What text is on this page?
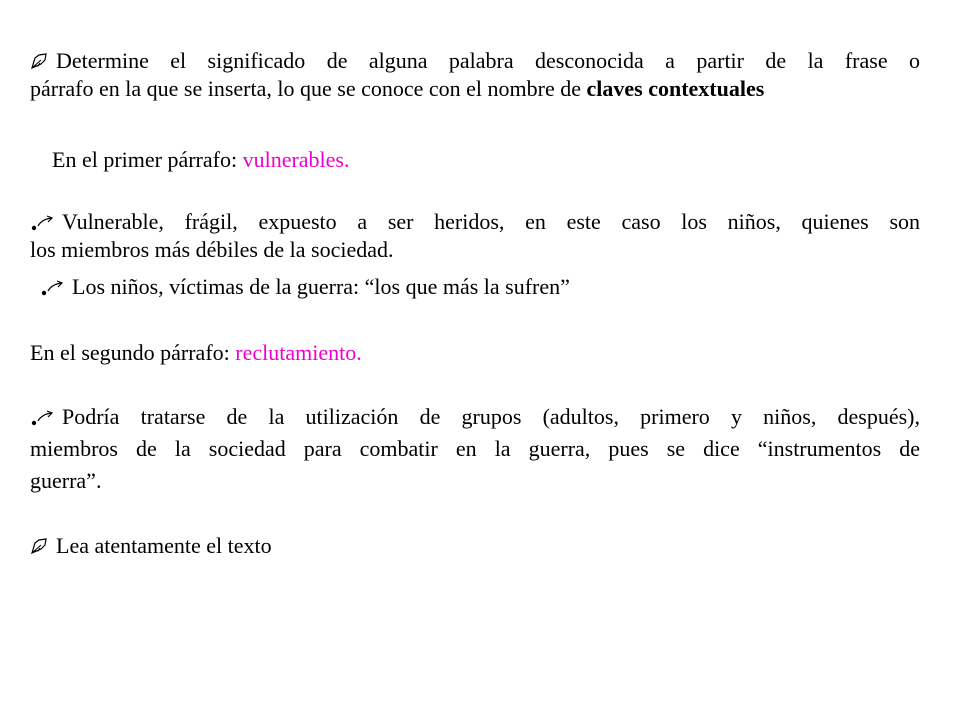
Determine el significado de alguna palabra desconocida a partir de la frase o
párrafo en la que se inserta, lo que se conoce con el nombre de claves contextuales
En el primer párrafo: vulnerables.
Vulnerable, frágil, expuesto a ser heridos, en este caso los niños, quienes son
los miembros más débiles de la sociedad.
Los niños, víctimas de la guerra: “los que más la sufren”
En el segundo párrafo: reclutamiento.
Podría tratarse de la utilización de grupos (adultos, primero y niños, después),
miembros de la sociedad para combatir en la guerra, pues se dice “instrumentos de
guerra”.
Lea atentamente el texto
